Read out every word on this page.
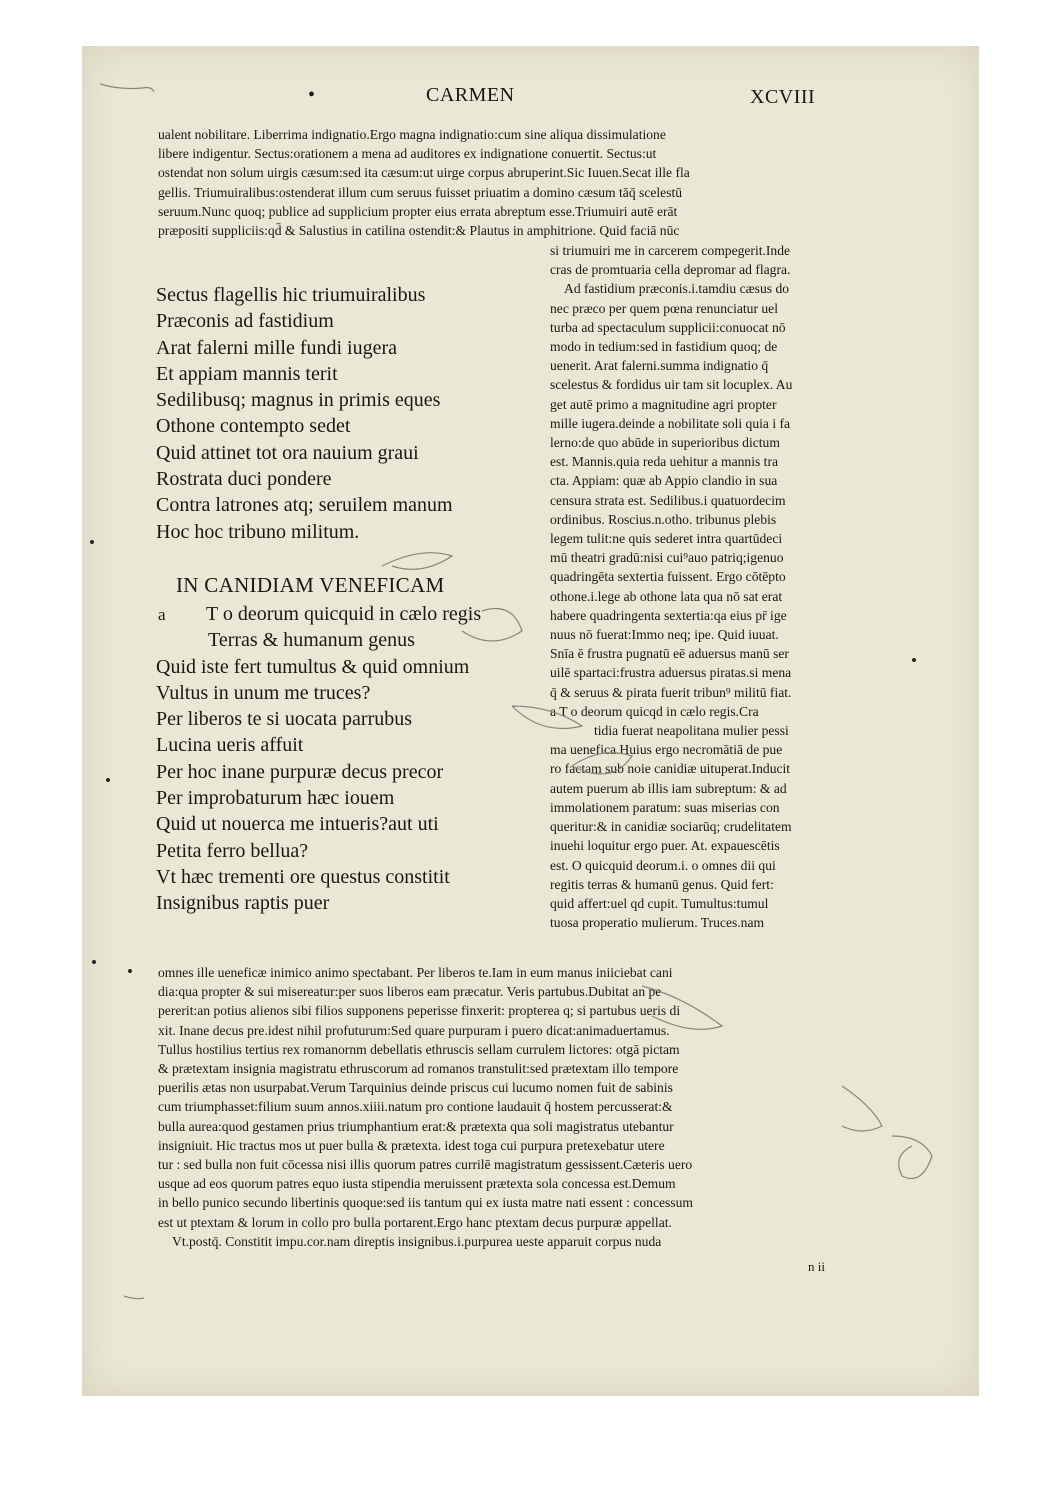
•	CARMEN	XCVIII
ualent nobilitare. Liberrima indignatio.Ergo magna indignatio:cum sine aliqua dissimulatione
libere indigentur. Sectus:orationem a mena ad auditores ex indignatione conuertit. Sectus:ut
ostendat non solum uirgis cæsum:sed ita cæsum:ut uirge corpus abruperint.Sic Iuuen.Secat ille fla
gellis. Triumuiralibus:ostenderat illum cum seruus fuisset priuatim a domino cæsum tāq̄ scelestū
seruum.Nunc quoq; publice ad supplicium propter eius errata abreptum esse.Triumuiri autē erāt
præpositi suppliciis:qd̄ & Salustius in catilina ostendit:& Plautus in amphitrione. Quid faciā nūc
si triumuiri me in carcerem compegerit.Inde
cras de promtuaria cella depromar ad flagra.
Ad fastidium præconis.i.tamdiu cæsus do
nec præco per quem pœna renunciatur uel
turba ad spectaculum supplicii:conuocat nō
modo in tedium:sed in fastidium quoq; de
uenerit. Arat falerni.summa indignatio q̄
scelestus & fordidus uir tam sit locuplex. Au
get autē primo a magnitudine agri propter
mille iugera.deinde a nobilitate soli quia i fa
lerno:de quo abūde in superioribus dictum
est. Mannis.quia reda uehitur a mannis tra
cta. Appiam: quæ ab Appio clandio in sua
censura strata est. Sedilibus.i quatuordecim
ordinibus. Roscius.n.otho. tribunus plebis
legem tulit:ne quis sederet intra quartūdeci
mū theatri gradū:nisi cui⁹auo patriq;igenuo
quadringēta sextertia fuissent. Ergo cōtēpto
othone.i.lege ab othone lata qua nō sat erat
habere quadringenta sextertia:qa eius pr̄ ige
nuus nō fuerat:Immo neq; ipe. Quid iuuat.
Snīa ē frustra pugnatū eē aduersus manū ser
uilē spartaci:frustra aduersus piratas.si mena
q̄ & seruus & pirata fuerit tribun⁹ militū fiat.
a T o deorum quicqd in cælo regis.Cra
tidia fuerat neapolitana mulier pessi
ma uenefica.Huius ergo necromātiā de pue
ro factam sub noie canidiæ uituperat.Inducit
autem puerum ab illis iam subreptum: & ad
immolationem paratum: suas miserias con
queritur:& in canidiæ sociarūq; crudelitatem
inuehi loquitur ergo puer. At. expauescētis
est. O quicquid deorum.i. o omnes dii qui
regitis terras & humanū genus. Quid fert:
quid affert:uel qd cupit. Tumultus:tumul
tuosa properatio mulierum. Truces.nam
Sectus flagellis hic triumuiralibus
Præconis ad fastidium
Arat falerni mille fundi iugera
Et appiam mannis terit
Sedilibusq; magnus in primis eques
Othone contempto sedet
Quid attinet tot ora nauium graui
Rostrata duci pondere
Contra latrones atq; seruilem manum
Hoc hoc tribuno militum.
IN CANIDIAM VENEFICAM
a	T o deorum quicquid in cælo regis
Terras & humanum genus
Quid iste fert tumultus & quid omnium
Vultus in unum me truces?
Per liberos te si uocata parrubus
Lucina ueris affuit
Per hoc inane purpuræ decus precor
Per improbaturum hæc iouem
Quid ut nouerca me intueris?aut uti
Petita ferro bellua?
Vt hæc trementi ore questus constitit
Insignibus raptis puer
omnes ille ueneficæ inimico animo spectabant. Per liberos te.Iam in eum manus iniiciebat cani
dia:qua propter & sui misereatur:per suos liberos eam præcatur. Veris partubus.Dubitat an pe
pererit:an potius alienos sibi filios supponens peperisse finxerit: propterea q; si partubus ueris di
xit. Inane decus pre.idest nihil profuturum:Sed quare purpuram i puero dicat:animaduertamus.
Tullus hostilius tertius rex romanornm debellatis ethruscis sellam currulem lictores: otgā pictam
& prætextam insignia magistratu ethruscorum ad romanos transtulit:sed prætextam illo tempore
puerilis ætas non usurpabat.Verum Tarquinius deinde priscus cui lucumo nomen fuit de sabinis
cum triumphasset:filium suum annos.xiiii.natum pro contione laudauit q̄ hostem percusserat:&
bulla aurea:quod gestamen prius triumphantium erat:& prætexta qua soli magistratus utebantur
insigniuit. Hic tractus mos ut puer bulla & prætexta. idest toga cui purpura pretexebatur utere
tur : sed bulla non fuit cōcessa nisi illis quorum patres currilē magistratum gessissent.Cæteris uero
usque ad eos quorum patres equo iusta stipendia meruissent prætexta sola concessa est.Demum
in bello punico secundo libertinis quoque:sed iis tantum qui ex iusta matre nati essent : concessum
est ut ptextam & lorum in collo pro bulla portarent.Ergo hanc ptextam decus purpuræ appellat.
Vt.postq̄. Constitit impu.cor.nam direptis insignibus.i.purpurea ueste apparuit corpus nuda
n ii
